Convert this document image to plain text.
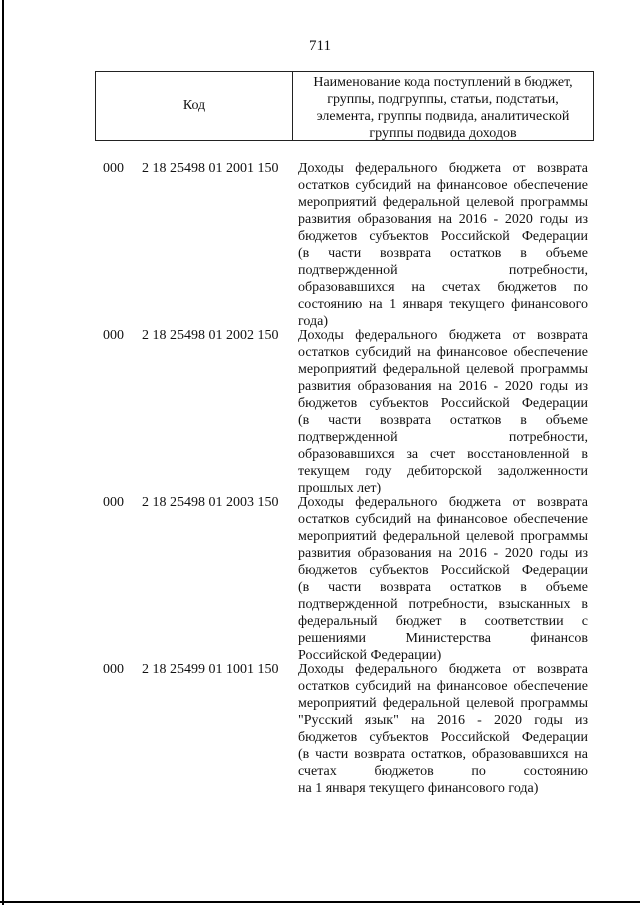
711
Код
Наименование кода поступлений в бюджет,
группы, подгруппы, статьи, подстатьи,
элемента, группы подвида, аналитической
группы подвида доходов
000 2 18 25498 01 2001 150 Доходы федерального бюджета от возврата
остатков субсидий на финансовое обеспечение
мероприятий федеральной целевой программы
развития образования на 2016 - 2020 годы из
бюджетов субъектов Российской Федерации
(в части возврата остатков в объеме
подтвержденной потребности,
образовавшихся на счетах бюджетов по
состоянию на 1 января текущего финансового
года)
000 2 18 25498 01 2002 150 Доходы федерального бюджета от возврата
остатков субсидий на финансовое обеспечение
мероприятий федеральной целевой программы
развития образования на 2016 - 2020 годы из
бюджетов субъектов Российской Федерации
(в части возврата остатков в объеме
подтвержденной потребности,
образовавшихся за счет восстановленной в
текущем году дебиторской задолженности
прошлых лет)
000 2 18 25498 01 2003 150 Доходы федерального бюджета от возврата
остатков субсидий на финансовое обеспечение
мероприятий федеральной целевой программы
развития образования на 2016 - 2020 годы из
бюджетов субъектов Российской Федерации
(в части возврата остатков в объеме
подтвержденной потребности, взысканных в
федеральный бюджет в соответствии с
решениями Министерства финансов
Российской Федерации)
000 2 18 25499 01 1001 150 Доходы федерального бюджета от возврата
остатков субсидий на финансовое обеспечение
мероприятий федеральной целевой программы
"Русский язык" на 2016 - 2020 годы из
бюджетов субъектов Российской Федерации
(в части возврата остатков, образовавшихся на
счетах бюджетов по состоянию
на 1 января текущего финансового года)
